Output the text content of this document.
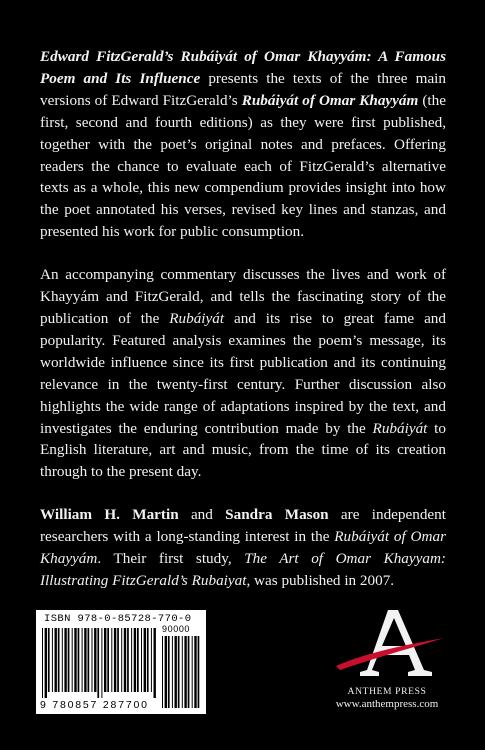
Edward FitzGerald’s Rubáiyát of Omar Khayyám: A Famous Poem and Its Influence presents the texts of the three main versions of Edward FitzGerald’s Rubáiyát of Omar Khayyám (the first, second and fourth editions) as they were first published, together with the poet’s original notes and prefaces. Offering readers the chance to evaluate each of FitzGerald’s alternative texts as a whole, this new compendium provides insight into how the poet annotated his verses, revised key lines and stanzas, and presented his work for public consumption.

An accompanying commentary discusses the lives and work of Khayyám and FitzGerald, and tells the fascinating story of the publication of the Rubáiyát and its rise to great fame and popularity. Featured analysis examines the poem’s message, its worldwide influence since its first publication and its continuing relevance in the twenty-first century. Further discussion also highlights the wide range of adaptations inspired by the text, and investigates the enduring contribution made by the Rubáiyát to English literature, art and music, from the time of its creation through to the present day.

William H. Martin and Sandra Mason are independent researchers with a long-standing interest in the Rubáiyát of Omar Khayyám. Their first study, The Art of Omar Khayyam: Illustrating FitzGerald’s Rubaiyat, was published in 2007.

ISBN 978-0-85728-770-0
90000
9 780857 287700
ANTHEM PRESS
www.anthempress.com
